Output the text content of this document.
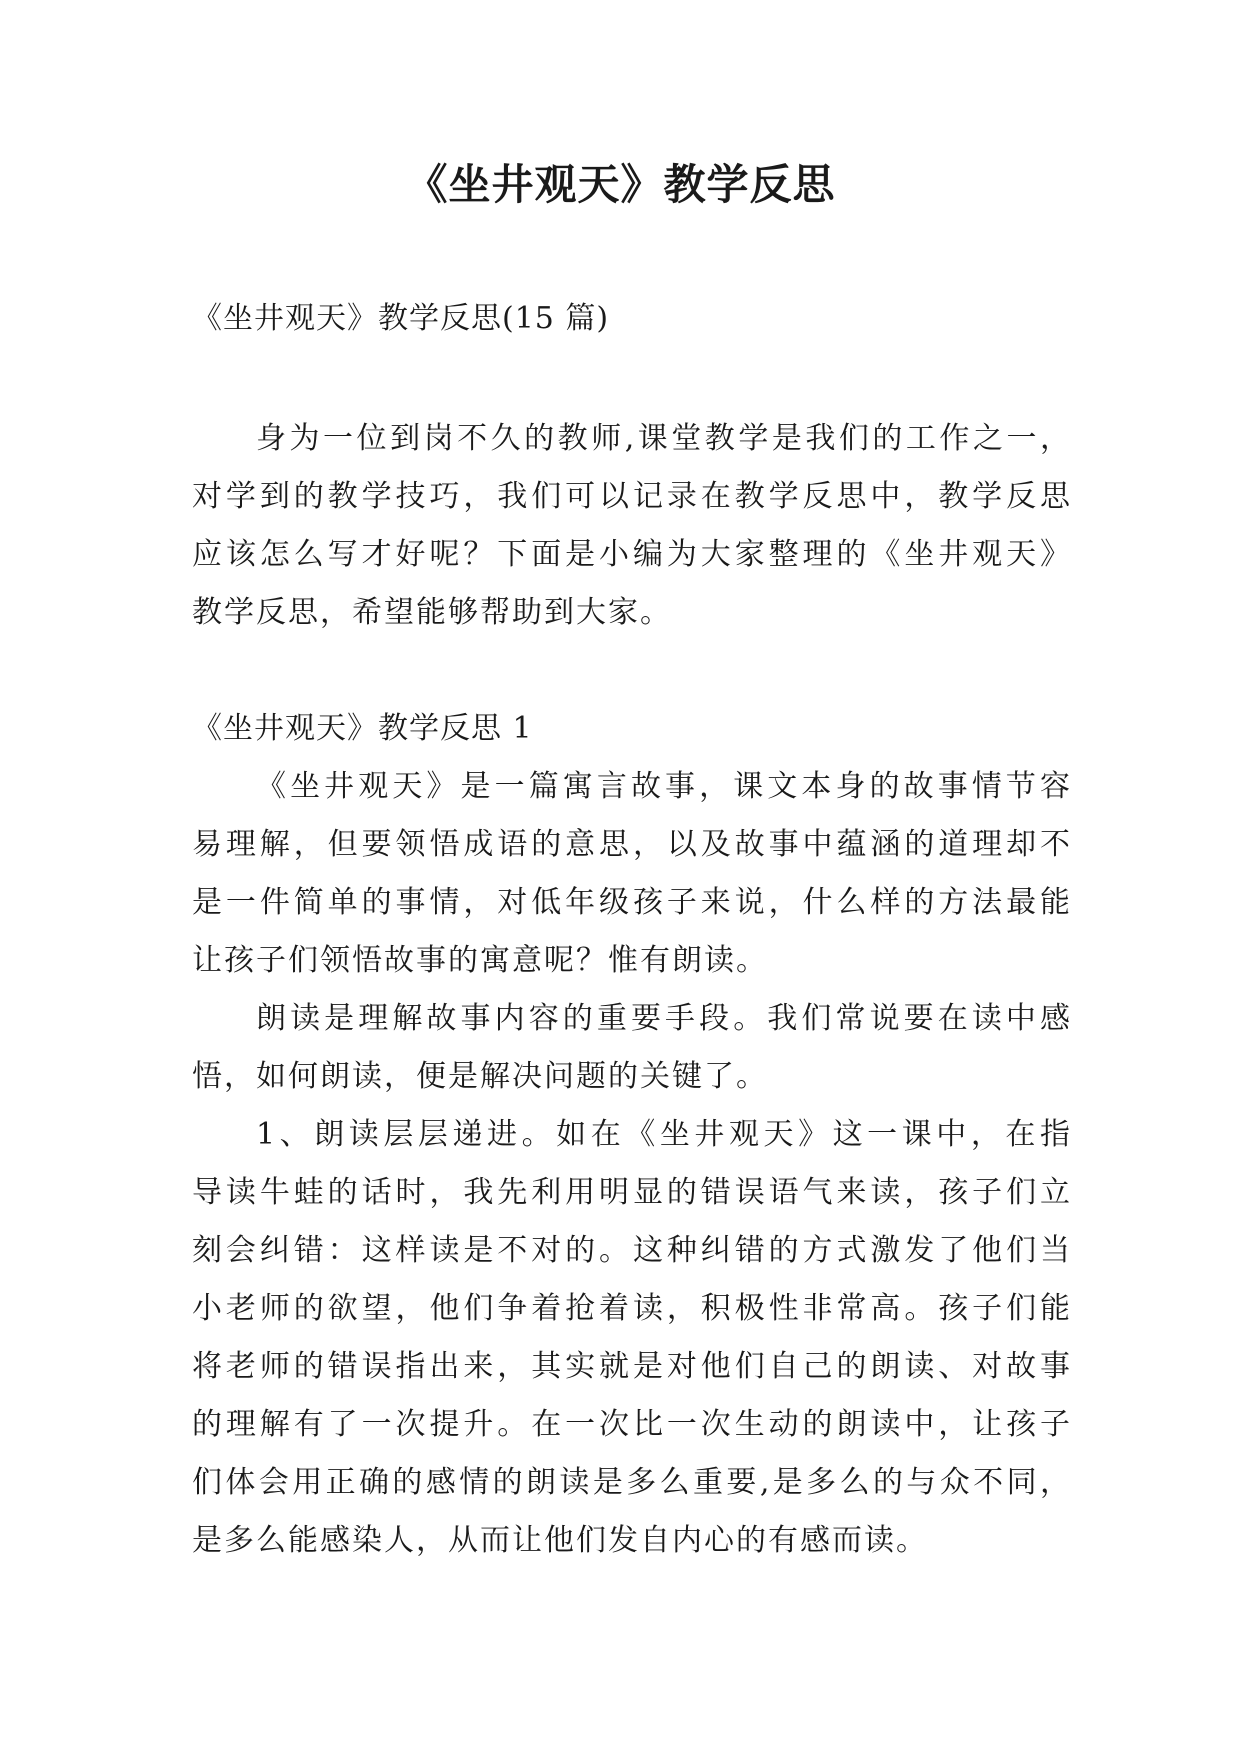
《坐井观天》教学反思
《坐井观天》教学反思(15 篇)
身为一位到岗不久的教师,课堂教学是我们的工作之一，
对学到的教学技巧，我们可以记录在教学反思中，教学反思
应该怎么写才好呢？下面是小编为大家整理的《坐井观天》
教学反思，希望能够帮助到大家。
《坐井观天》教学反思 1
《坐井观天》是一篇寓言故事，课文本身的故事情节容
易理解，但要领悟成语的意思，以及故事中蕴涵的道理却不
是一件简单的事情，对低年级孩子来说，什么样的方法最能
让孩子们领悟故事的寓意呢？惟有朗读。
朗读是理解故事内容的重要手段。我们常说要在读中感
悟，如何朗读，便是解决问题的关键了。
1、朗读层层递进。如在《坐井观天》这一课中，在指
导读牛蛙的话时，我先利用明显的错误语气来读，孩子们立
刻会纠错：这样读是不对的。这种纠错的方式激发了他们当
小老师的欲望，他们争着抢着读，积极性非常高。孩子们能
将老师的错误指出来，其实就是对他们自己的朗读、对故事
的理解有了一次提升。在一次比一次生动的朗读中，让孩子
们体会用正确的感情的朗读是多么重要,是多么的与众不同，
是多么能感染人，从而让他们发自内心的有感而读。
